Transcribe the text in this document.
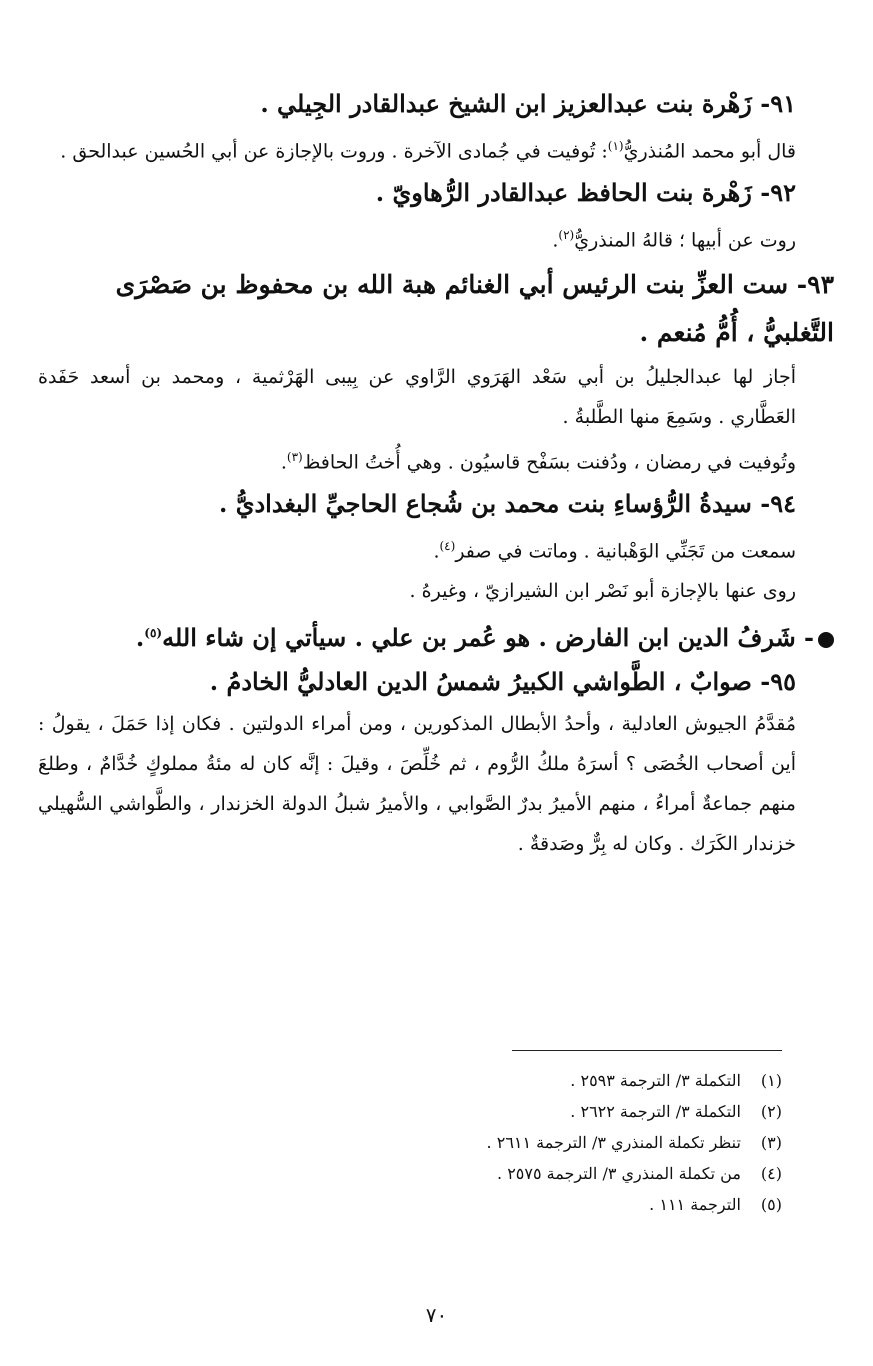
٩١- زَهْرة بنت عبدالعزيز ابن الشيخ عبدالقادر الجِيلي .

قال أبو محمد المُنذريُّ$^{(١)}$: تُوفيت في جُمادى الآخرة . وروت بالإجازة عن أبي الحُسين عبدالحق .

٩٢- زَهْرة بنت الحافظ عبدالقادر الرُّهاويّ .

روت عن أبيها ؛ قالهُ المنذريُّ$^{(٢)}$.

٩٣- ست العزِّ بنت الرئيس أبي الغنائم هبة الله بن محفوظ بن صَصْرَى التَّغلبيُّ ، أُمُّ مُنعم .

أجاز لها عبدالجليلُ بن أبي سَعْد الهَرَوي الرَّاوي عن بِيبى الهَرْثمية ، ومحمد بن أسعد حَفَدة العَطَّاري . وسَمِعَ منها الطَّلبةُ .

وتُوفيت في رمضان ، ودُفنت بسَفْح قاسيُون . وهي أُختُ الحافظ$^{(٣)}$.

٩٤- سيدةُ الرُّؤساءِ بنت محمد بن شُجاع الحاجيِّ البغداديُّ .

سمعت من تَجَنِّي الوَهْبانية . وماتت في صفر$^{(٤)}$.

روى عنها بالإجازة أبو نَصْر ابن الشيرازيّ ، وغيرهُ .

- شَرفُ الدين ابن الفارض . هو عُمر بن علي . سيأتي إن شاء الله$^{(٥)}$.

٩٥- صوابٌ ، الطَّواشي الكبيرُ شمسُ الدين العادليُّ الخادمُ .

مُقدَّمُ الجيوش العادلية ، وأحدُ الأبطال المذكورين ، ومن أمراء الدولتين . فكان إذا حَمَلَ ، يقولُ : أين أصحاب الخُصَى ؟ أسرَهُ ملكُ الرُّوم ، ثم خُلِّصَ ، وقيلَ : إنَّه كان له مئةُ مملوكٍ خُدَّامٌ ، وطلعَ منهم جماعةٌ أمراءُ ، منهم الأميرُ بدرٌ الصَّوابي ، والأميرُ شبلُ الدولة الخزندار ، والطَّواشي السُّهيلي خزندار الكَرَك . وكان له بِرٌّ وصَدقةٌ .

(١) التكملة ٣/ الترجمة ٢٥٩٣ .
(٢) التكملة ٣/ الترجمة ٢٦٢٢ .
(٣) تنظر تكملة المنذري ٣/ الترجمة ٢٦١١ .
(٤) من تكملة المنذري ٣/ الترجمة ٢٥٧٥ .
(٥) الترجمة ١١١ .
٧٠
